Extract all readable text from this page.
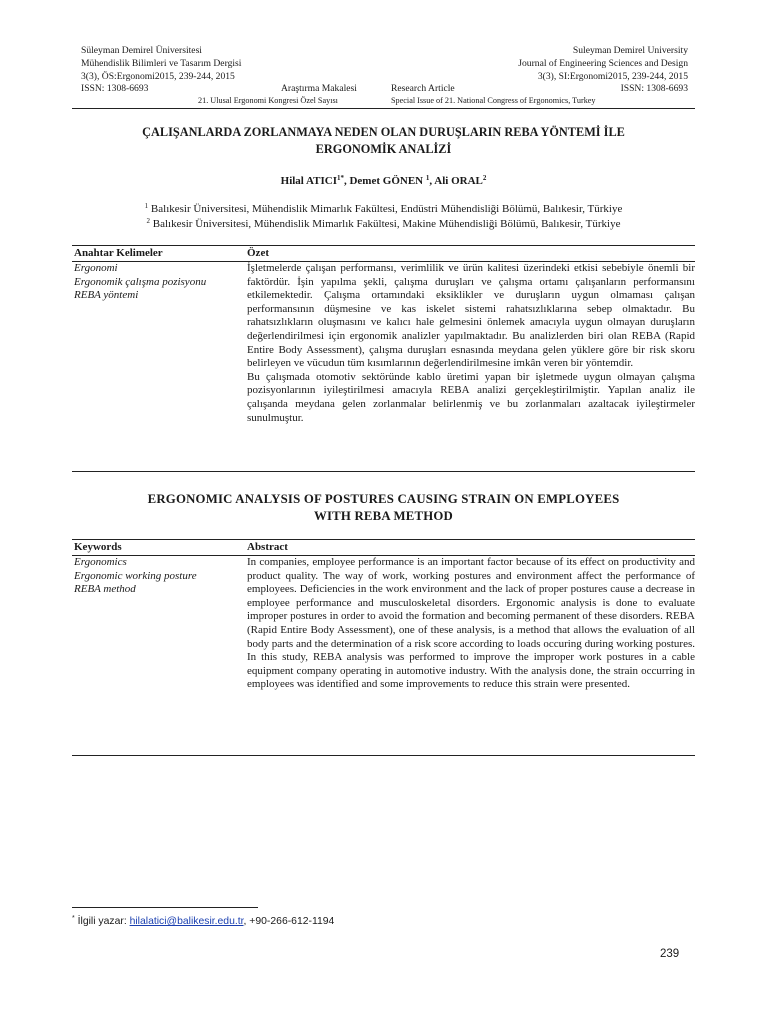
Süleyman Demirel Üniversitesi
Mühendislik Bilimleri ve Tasarım Dergisi
3(3), ÖS:Ergonomi2015, 239-244, 2015
Suleyman Demirel University
Journal of Engineering Sciences and Design
3(3), SI:Ergonomi2015, 239-244, 2015
ISSN: 1308-6693	Araştırma Makalesi	Research Article	ISSN: 1308-6693
21. Ulusal Ergonomi Kongresi Özel Sayısı	Special Issue of 21. National Congress of Ergonomics, Turkey
ÇALIŞANLARDA ZORLANMAYA NEDEN OLAN DURUŞLARIN REBA YÖNTEMİ İLE
ERGONOMİK ANALİZİ
Hilal $ATICI^{1*}$, Demet GÖNEN $^1$, Ali ORAL$^2$
$^1$ Balıkesir Üniversitesi, Mühendislik Mimarlık Fakültesi, Endüstri Mühendisliği Bölümü, Balıkesir, Türkiye
$^2$ Balıkesir Üniversitesi, Mühendislik Mimarlık Fakültesi, Makine Mühendisliği Bölümü, Balıkesir, Türkiye
Anahtar Kelimeler	Özet
Ergonomi
Ergonomik çalışma pozisyonu
REBA yöntemi

İşletmelerde çalışan performansı, verimlilik ve ürün kalitesi üzerindeki etkisi sebebiyle önemli bir faktördür. İşin yapılma şekli, çalışma duruşları ve çalışma ortamı çalışanların performansını etkilemektedir. Çalışma ortamındaki eksiklikler ve duruşların uygun olmaması çalışan performansının düşmesine ve kas iskelet sistemi rahatsızlıklarına sebep olmaktadır. Bu rahatsızlıkların oluşmasını ve kalıcı hale gelmesini önlemek amacıyla uygun olmayan duruşların değerlendirilmesi için ergonomik analizler yapılmaktadır. Bu analizlerden biri olan REBA (Rapid Entire Body Assessment), çalışma duruşları esnasında meydana gelen yüklere göre bir risk skoru belirleyen ve vücudun tüm kısımlarının değerlendirilmesine imkân veren bir yöntemdir.

Bu çalışmada otomotiv sektöründe kablo üretimi yapan bir işletmede uygun olmayan çalışma pozisyonlarının iyileştirilmesi amacıyla REBA analizi gerçekleştirilmiştir. Yapılan analiz ile çalışanda meydana gelen zorlanmalar belirlenmiş ve bu zorlanmaları azaltacak iyileştirmeler sunulmuştur.

ERGONOMIC ANALYSIS OF POSTURES CAUSING STRAIN ON EMPLOYEES
WITH REBA METHOD
Keywords	Abstract
Ergonomics
Ergonomic working posture
REBA method

In companies, employee performance is an important factor because of its effect on productivity and product quality. The way of work, working postures and environment affect the performance of employees. Deficiencies in the work environment and the lack of proper postures cause a decrease in employee performance and musculoskeletal disorders. Ergonomic analysis is done to evaluate improper postures in order to avoid the formation and becoming permanent of these disorders. REBA (Rapid Entire Body Assessment), one of these analysis, is a method that allows the evaluation of all body parts and the determination of a risk score according to loads occuring during working postures. In this study, REBA analysis was performed to improve the improper work postures in a cable equipment company operating in automotive industry. With the analysis done, the strain occurring in employees was identified and some improvements to reduce this strain were presented.

* İlgili yazar: hilalatici@balikesir.edu.tr, +90-266-612-1194
239
